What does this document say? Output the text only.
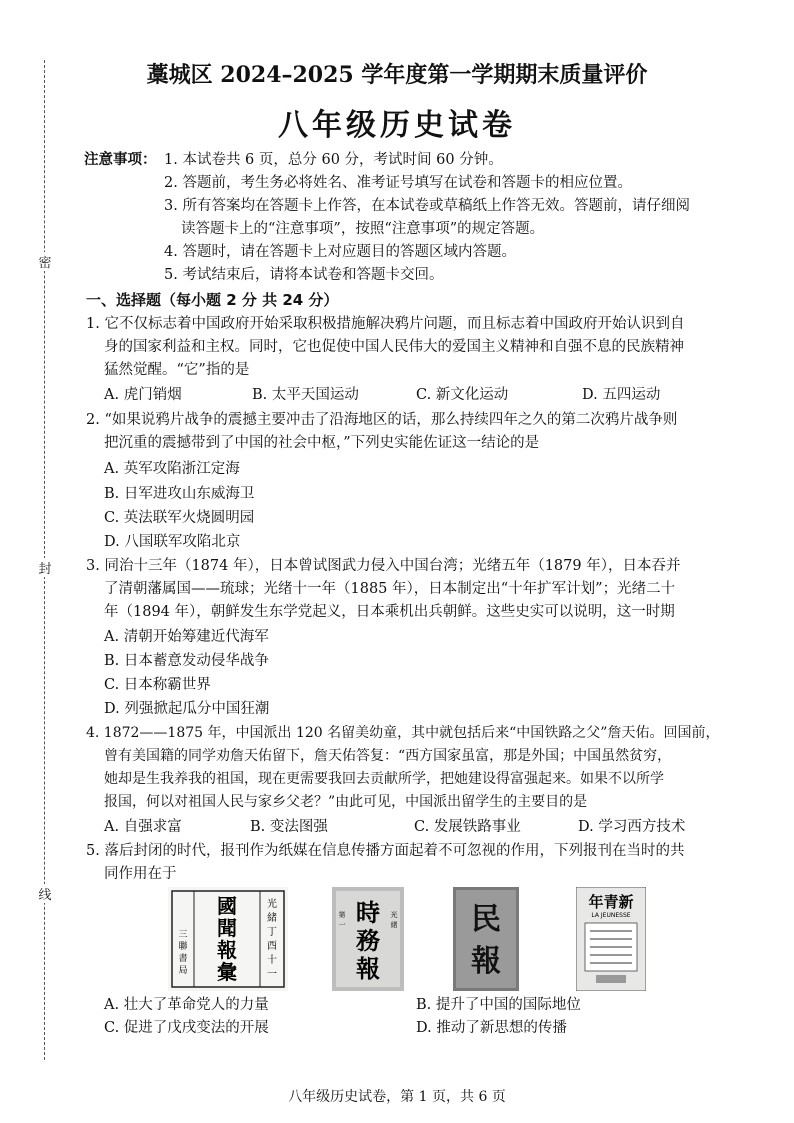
密
封
线
藁城区 2024–2025 学年度第一学期期末质量评价
八年级历史试卷
注意事项： 1. 本试卷共 6 页，总分 60 分，考试时间 60 分钟。
2. 答题前，考生务必将姓名、准考证号填写在试卷和答题卡的相应位置。
3. 所有答案均在答题卡上作答，在本试卷或草稿纸上作答无效。答题前，请仔细阅
读答题卡上的“注意事项”，按照“注意事项”的规定答题。
4. 答题时，请在答题卡上对应题目的答题区域内答题。
5. 考试结束后，请将本试卷和答题卡交回。
一、选择题（每小题 2 分 共 24 分）
1. 它不仅标志着中国政府开始采取积极措施解决鸦片问题，而且标志着中国政府开始认识到自
身的国家利益和主权。同时，它也促使中国人民伟大的爱国主义精神和自强不息的民族精神
猛然觉醒。“它”指的是
A. 虎门销烟	B. 太平天国运动	C. 新文化运动	D. 五四运动
2. “如果说鸦片战争的震撼主要冲击了沿海地区的话，那么持续四年之久的第二次鸦片战争则
把沉重的震撼带到了中国的社会中枢，”下列史实能佐证这一结论的是
A. 英军攻陷浙江定海
B. 日军进攻山东威海卫
C. 英法联军火烧圆明园
D. 八国联军攻陷北京
3. 同治十三年（1874 年），日本曾试图武力侵入中国台湾；光绪五年（1879 年），日本吞并
了清朝藩属国——琉球；光绪十一年（1885 年），日本制定出“十年扩军计划”；光绪二十
年（1894 年），朝鲜发生东学党起义，日本乘机出兵朝鲜。这些史实可以说明，这一时期
A. 清朝开始筹建近代海军
B. 日本蓄意发动侵华战争
C. 日本称霸世界
D. 列强掀起瓜分中国狂潮
4. 1872——1875 年，中国派出 120 名留美幼童，其中就包括后来“中国铁路之父”詹天佑。回国前，
曾有美国籍的同学劝詹天佑留下，詹天佑答复：“西方国家虽富，那是外国；中国虽然贫穷，
她却是生我养我的祖国，现在更需要我回去贡献所学，把她建设得富强起来。如果不以所学
报国，何以对祖国人民与家乡父老？”由此可见，中国派出留学生的主要目的是
A. 自强求富	B. 变法图强	C. 发展铁路事业	D. 学习西方技术
5. 落后封闭的时代，报刊作为纸媒在信息传播方面起着不可忽视的作用，下列报刊在当时的共
同作用在于
國
聞
報
彙
光
緒
丁
酉
十
一
三
聯
書
局
時
務
報
第
一
光
緒 民
報
年青新
LA JEUNESSE
A. 壮大了革命党人的力量	B. 提升了中国的国际地位
C. 促进了戊戌变法的开展	D. 推动了新思想的传播
八年级历史试卷，第 1 页，共 6 页
